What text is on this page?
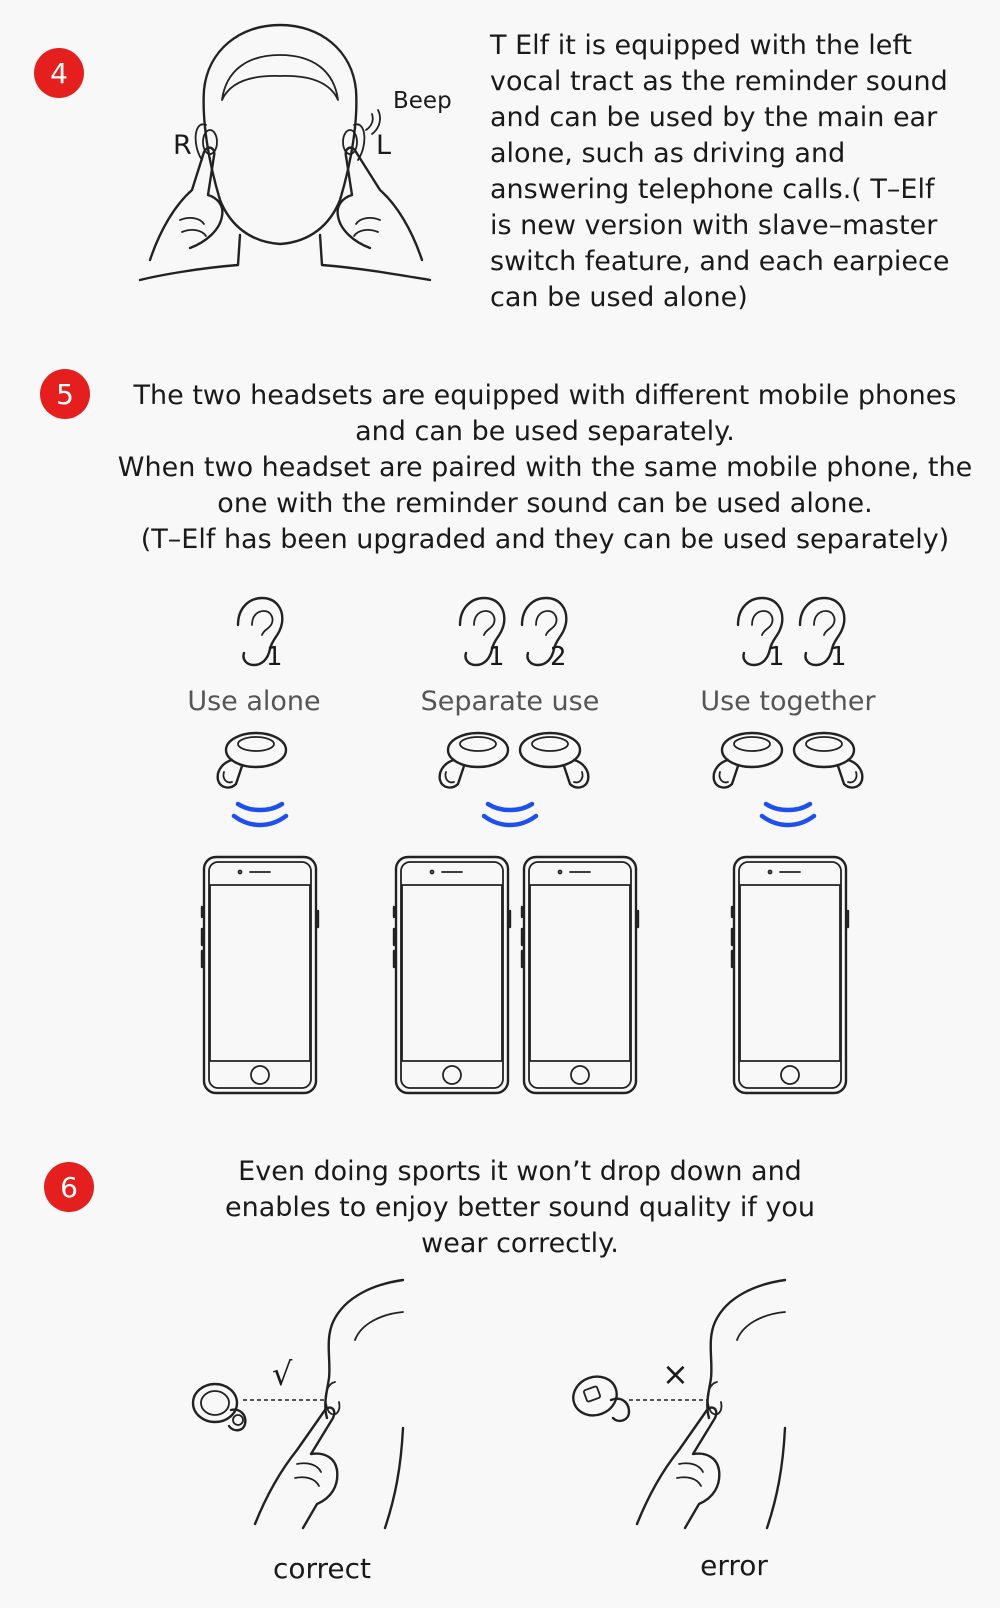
4
Beep
R	L
T Elf it is equipped with the left
vocal tract as the reminder sound
and can be used by the main ear
alone, such as driving and
answering telephone calls.( T–Elf
is new version with slave–master
switch feature, and each earpiece
can be used alone)
5	The two headsets are equipped with different mobile phones
and can be used separately.
When two headset are paired with the same mobile phone, the
one with the reminder sound can be used alone.
(T–Elf has been upgraded and they can be used separately)
1	1 2	1 1
Use alone	Separate use	Use together
6	Even doing sports it won’t drop down and
enables to enjoy better sound quality if you
wear correctly.
√	×
correct	error
